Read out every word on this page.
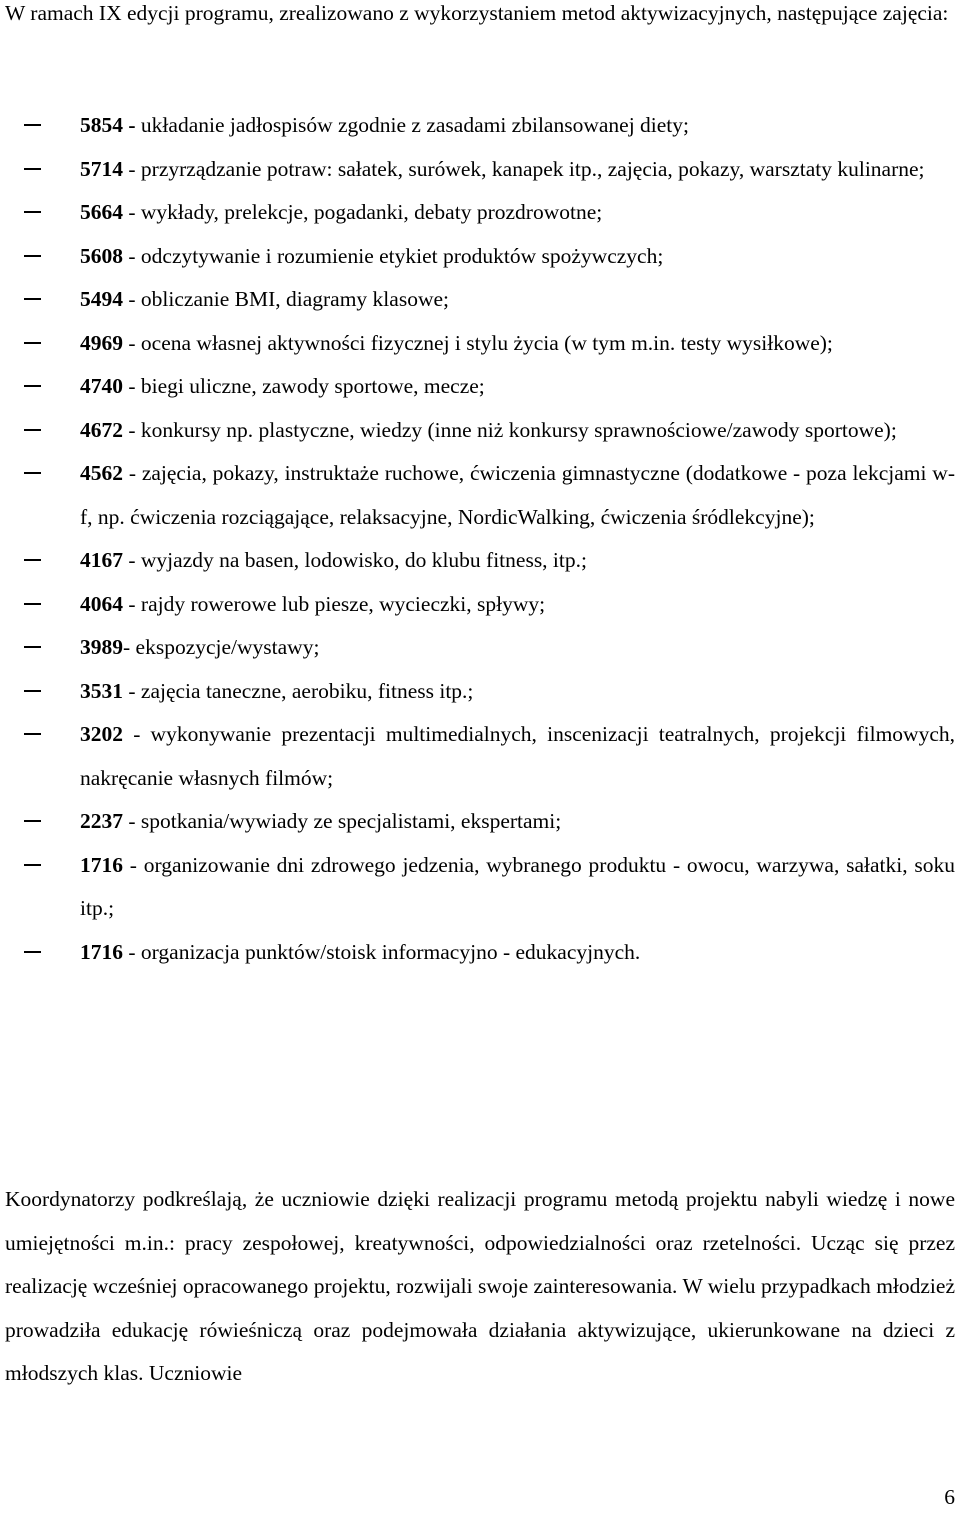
W ramach IX edycji programu, zrealizowano z wykorzystaniem metod aktywizacyjnych, następujące zajęcia:

5854 - układanie jadłospisów zgodnie z zasadami zbilansowanej diety;
5714 - przyrządzanie potraw: sałatek, surówek, kanapek itp., zajęcia, pokazy, warsztaty kulinarne;
5664 - wykłady, prelekcje, pogadanki, debaty prozdrowotne;
5608 - odczytywanie i rozumienie etykiet produktów spożywczych;
5494 - obliczanie BMI, diagramy klasowe;
4969 - ocena własnej aktywności fizycznej i stylu życia (w tym m.in. testy wysiłkowe);
4740 - biegi uliczne, zawody sportowe, mecze;
4672 - konkursy np. plastyczne, wiedzy (inne niż konkursy sprawnościowe/zawody sportowe);
4562 - zajęcia, pokazy, instruktaże ruchowe, ćwiczenia gimnastyczne (dodatkowe - poza lekcjami w-f, np. ćwiczenia rozciągające, relaksacyjne, NordicWalking, ćwiczenia śródlekcyjne);
4167 - wyjazdy na basen, lodowisko, do klubu fitness, itp.;
4064 - rajdy rowerowe lub piesze, wycieczki, spływy;
3989- ekspozycje/wystawy;
3531 - zajęcia taneczne, aerobiku, fitness itp.;
3202 - wykonywanie prezentacji multimedialnych, inscenizacji teatralnych, projekcji filmowych, nakręcanie własnych filmów;
2237 - spotkania/wywiady ze specjalistami, ekspertami;
1716 - organizowanie dni zdrowego jedzenia, wybranego produktu - owocu, warzywa, sałatki, soku itp.;
1716 - organizacja punktów/stoisk informacyjno - edukacyjnych.

Koordynatorzy podkreślają, że uczniowie dzięki realizacji programu metodą projektu nabyli wiedzę i nowe umiejętności m.in.: pracy zespołowej, kreatywności, odpowiedzialności oraz rzetelności. Ucząc się przez realizację wcześniej opracowanego projektu, rozwijali swoje zainteresowania. W wielu przypadkach młodzież prowadziła edukację rówieśniczą oraz podejmowała działania aktywizujące, ukierunkowane na dzieci z młodszych klas. Uczniowie

6
